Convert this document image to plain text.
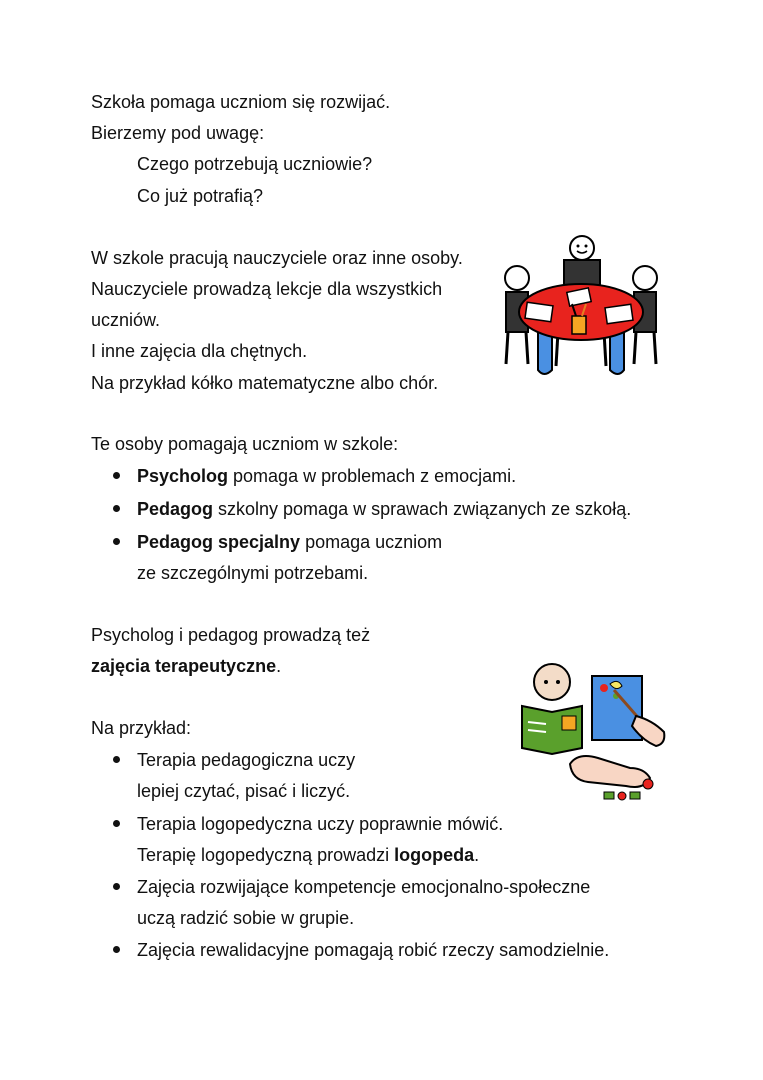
Szkoła pomaga uczniom się rozwijać.
Bierzemy pod uwagę:
Czego potrzebują uczniowie?
Co już potrafią?
W szkole pracują nauczyciele oraz inne osoby.
Nauczyciele prowadzą lekcje dla wszystkich
uczniów.
I inne zajęcia dla chętnych.
Na przykład kółko matematyczne albo chór.
Te osoby pomagają uczniom w szkole:
Psycholog pomaga w problemach z emocjami.
Pedagog szkolny pomaga w sprawach związanych ze szkołą.
Pedagog specjalny pomaga uczniom
ze szczególnymi potrzebami.
Psycholog i pedagog prowadzą też
zajęcia terapeutyczne.
Na przykład:
Terapia pedagogiczna uczy
lepiej czytać, pisać i liczyć.
Terapia logopedyczna uczy poprawnie mówić.
Terapię logopedyczną prowadzi logopeda.
Zajęcia rozwijające kompetencje emocjonalno-społeczne
uczą radzić sobie w grupie.
Zajęcia rewalidacyjne pomagają robić rzeczy samodzielnie.
